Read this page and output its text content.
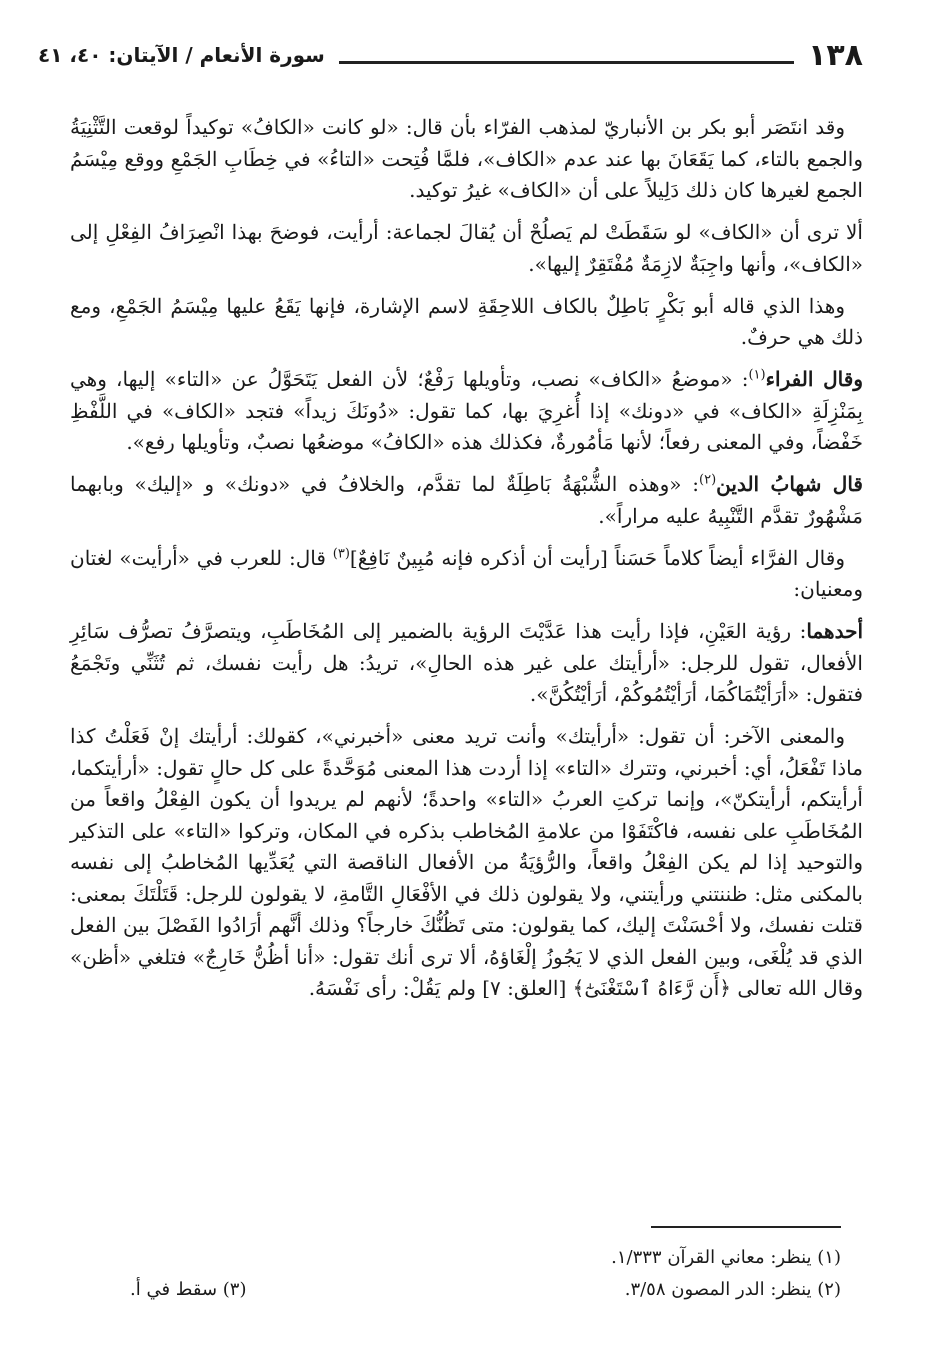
١٣٨
سورة الأنعام / الآيتان: ٤٠، ٤١

وقد انتَصَر أبو بكر بن الأنباريّ لمذهب الفرّاء بأن قال: «لو كانت «الكافُ» توكيداً لوقعت التَّثْنِيَةُ والجمع بالتاء، كما يَقَعَانَ بها عند عدم «الكاف»، فلمَّا فُتِحت «التاءُ» في خِطَابِ الجَمْعِ ووقع مِيْسَمُ الجمع لغيرها كان ذلك دَلِيلاً على أن «الكاف» غيرُ توكيد.

ألا ترى أن «الكاف» لو سَقَطَتْ لم يَصلُحْ أن يُقالَ لجماعة: أرأيت، فوضحَ بهذا انْصِرَافُ الفِعْلِ إلى «الكاف»، وأنها واجِبَةٌ لازِمَةٌ مُفْتَقِرٌ إليها».

وهذا الذي قاله أبو بَكْرٍ بَاطِلٌ بالكاف اللاحِقَةِ لاسم الإشارة، فإنها يَقَعُ عليها مِيْسَمُ الجَمْعِ، ومع ذلك هي حرفٌ.

وقال الفراء$^{(١)}$: «موضعُ «الكاف» نصب، وتأويلها رَفْعٌ؛ لأن الفعل يَتَحَوَّلُ عن «التاء» إليها، وهي بِمَنْزِلَةِ «الكاف» في «دونك» إذا أُغرِيَ بها، كما تقول: «دُونَكَ زيداً» فتجد «الكاف» في اللَّفْظِ خَفْضاً، وفي المعنى رفعاً؛ لأنها مَأمُورةٌ، فكذلك هذه «الكافُ» موضعُها نصبٌ، وتأويلها رفع».

قال شهابُ الدين$^{(٢)}$: «وهذه الشُّبْهَةُ بَاطِلَةٌ لما تقدَّم، والخلافُ في «دونك» و «إليك» وبابهما مَشْهُورٌ تقدَّم التَّنْبِيهُ عليه مراراً».

وقال الفرَّاء أيضاً كلاماً حَسَناً [رأيت أن أذكره فإنه مُبِينٌ نَافِعٌ]$^{(٣)}$ قال: للعرب في «أرأيت» لغتان ومعنيان:

أحدهما: رؤية العَيْنِ، فإذا رأيت هذا عَدَّيْتَ الرؤية بالضمير إلى المُخَاطَبِ، ويتصرَّفُ تصرُّف سَائِرِ الأفعال، تقول للرجل: «أرأيتك على غير هذه الحالِ»، تريدُ: هل رأيت نفسك، ثم تُثَنِّي وتَجْمَعُ فتقول: «أرَأيْتُمَاكُمَا، أرَأيْتُمُوكُمْ، أرَأيْتُكُنَّ».

والمعنى الآخر: أن تقول: «أرأيتك» وأنت تريد معنى «أخبرني»، كقولك: أرأيتك إنْ فَعَلْتُ كذا ماذا تَفْعَلُ، أي: أخبرني، وتترك «التاء» إذا أردت هذا المعنى مُوَحَّدةً على كل حالٍ تقول: «أرأيتكما، أرأيتكم، أرأيتكنّ»، وإنما تركتِ العربُ «التاء» واحدةً؛ لأنهم لم يريدوا أن يكون الفِعْلُ واقعاً من المُخَاطَبِ على نفسه، فاكْتَفَوْا من علامةِ المُخاطب بذكره في المكان، وتركوا «التاء» على التذكير والتوحيد إذا لم يكن الفِعْلُ واقعاً، والرُّؤيَةُ من الأفعال الناقصة التي يُعَدِّيها المُخاطبُ إلى نفسه بالمكنى مثل: ظننتني ورأيتني، ولا يقولون ذلك في الأفْعَالِ التَّامةِ، لا يقولون للرجل: قَتَلْتَكَ بمعنى: قتلت نفسك، ولا أحْسَنْتَ إليك، كما يقولون: متى تَظُنُّكَ خارجاً؟ وذلك أنَّهم أرَادُوا الفَصْلَ بين الفعل الذي قد يُلْغَى، وبين الفعل الذي لا يَجُوزُ إلْغَاؤهُ، ألا ترى أنك تقول: «أنا أظُنُّ خَارِجٌ» فتلغي «أظن» وقال الله تعالى ﴿أَن رَّءَاهُ ٱسْتَغْنَىٰٓ﴾ [العلق: ٧] ولم يَقُلْ: رأى نَفْسَهُ.

(١) ينظر: معاني القرآن ١/٣٣٣.
(٢) ينظر: الدر المصون ٣/٥٨.
(٣) سقط في أ.
